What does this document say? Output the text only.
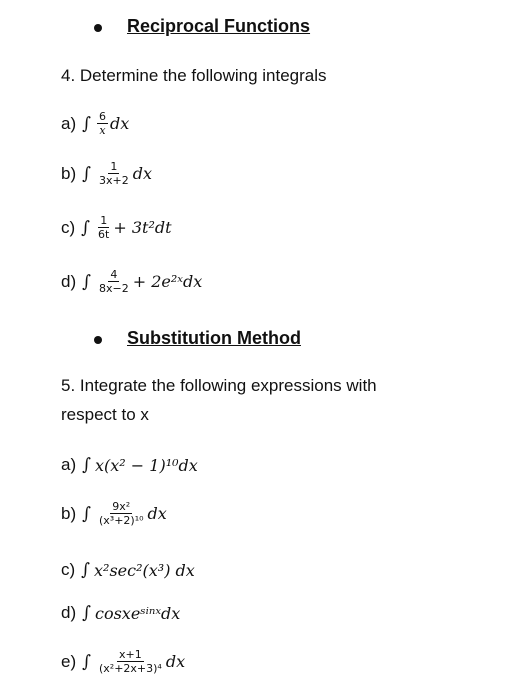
Reciprocal Functions
4. Determine the following integrals
a) ∫ $\frac{6}{x}$ dx
b) ∫ $\frac{1}{3x+2}$ dx
c) ∫ $\frac{1}{6t} + 3t^2dt$
d) ∫ $\frac{4}{8x-2}$ + 2e²ˣdx
Substitution Method
5. Integrate the following expressions with
respect to x
a) ∫ x(x² − 1)¹⁰dx
b) ∫ $\frac{\text{9x²}}{\text{(x³+2)¹⁰}}$ dx
c) ∫ x²sec²(x³) dx
d) ∫ cosxeˢⁱⁿˣdx
e) ∫ $\frac{x+1}{\text{(x²+2x+3)⁴}}$ dx
